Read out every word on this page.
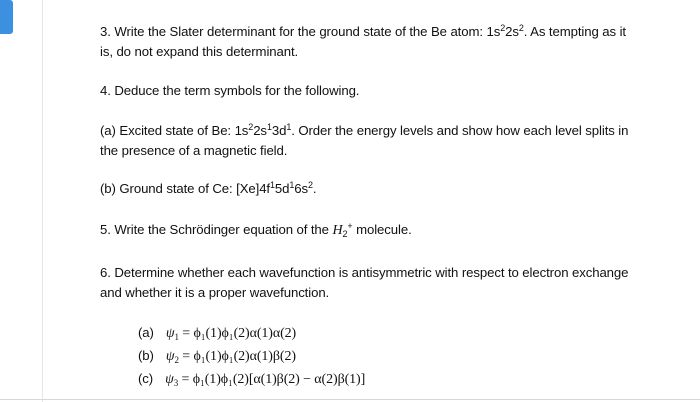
3. Write the Slater determinant for the ground state of the Be atom: $1s^22s^2$. As tempting as it is, do not expand this determinant.

4. Deduce the term symbols for the following.

(a) Excited state of Be: $1s^22s^13d^1$. Order the energy levels and show how each level splits in the presence of a magnetic field.

(b) Ground state of Ce: $[Xe]4f^15d^16s^2$.

5. Write the Schrödinger equation of the $H_2^+$ molecule.

6. Determine whether each wavefunction is antisymmetric with respect to electron exchange and whether it is a proper wavefunction.

(a) $\psi_1 = \phi_1(1)\phi_1(2)\alpha(1)\alpha(2)$
(b) $\psi_2 = \phi_1(1)\phi_1(2)\alpha(1)\beta(2)$
(c) $\psi_3 = \phi_1(1)\phi_1(2)[\alpha(1)\beta(2) - \alpha(2)\beta(1)]$
